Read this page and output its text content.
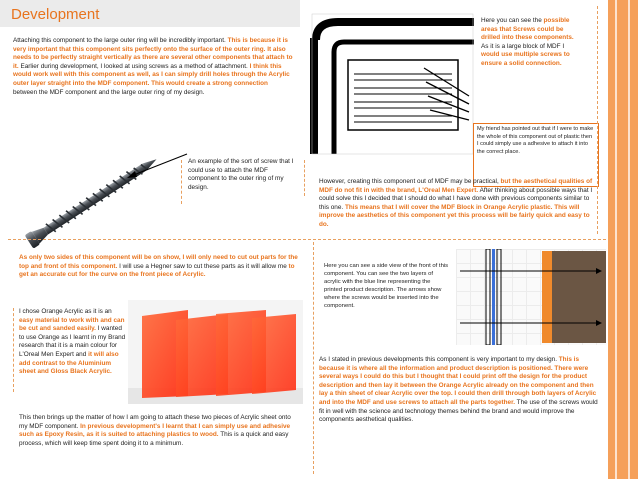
Development
Attaching this component to the large outer ring will be incredibly important. This is because it is very important that this component sits perfectly onto the surface of the outer ring. It also needs to be perfectly straight vertically as there are several other components that attach to it. Earlier during development, I looked at using screws as a method of attachment. I think this would work well with this component as well, as I can simply drill holes through the Acrylic outer layer straight into the MDF component. This would create a strong connection between the MDF component and the large outer ring of my design.
An example of the sort of screw that I could use to attach the MDF component to the outer ring of my design.
Here you can see the possible areas that Screws could be drilled into these components. As it is a large block of MDF I would use multiple screws to ensure a solid connection.
My friend has pointed out that if I were to make the whole of this component out of plastic then I could simply use a adhesive to attach it into the correct place.
However, creating this component out of MDF may be practical, but the aesthetical qualities of MDF do not fit in with the brand, L'Oreal Men Expert. After thinking about possible ways that I could solve this I decided that I should do what I have done with previous components similar to this one. This means that I will cover the MDF Block in Orange Acrylic plastic. This will improve the aesthetics of this component yet this process will be fairly quick and easy to do.
As only two sides of this component will be on show, I will only need to cut out parts for the top and front of this component. I will use a Hegner saw to cut these parts as it will allow me to get an accurate cut for the curve on the front piece of Acrylic.
I chose Orange Acrylic as it is an easy material to work with and can be cut and sanded easily. I wanted to use Orange as I learnt in my Brand research that it is a main colour for L'Oreal Men Expert and it will also add contrast to the Aluminium sheet and Gloss Black Acrylic.
This then brings up the matter of how I am going to attach these two pieces of Acrylic sheet onto my MDF component. In previous development's I learnt that I can simply use and adhesive such as Epoxy Resin, as it is suited to attaching plastics to wood. This is a quick and easy process, which will keep time spent doing it to a minimum.
Here you can see a side view of the front of this component. You can see the two layers of acrylic with the blue line representing the printed product description. The arrows show where the screws would be inserted into the component.
As I stated in previous developments this component is very important to my design. This is because it is where all the information and product description is positioned. There were several ways I could do this but I thought that I could print off the design for the product description and then lay it between the Orange Acrylic already on the component and then lay a thin sheet of clear Acrylic over the top. I could then drill through both layers of Acrylic and into the MDF and use screws to attach all the parts together. The use of the screws would fit in well with the science and technology themes behind the brand and would improve the components aesthetical qualities.
